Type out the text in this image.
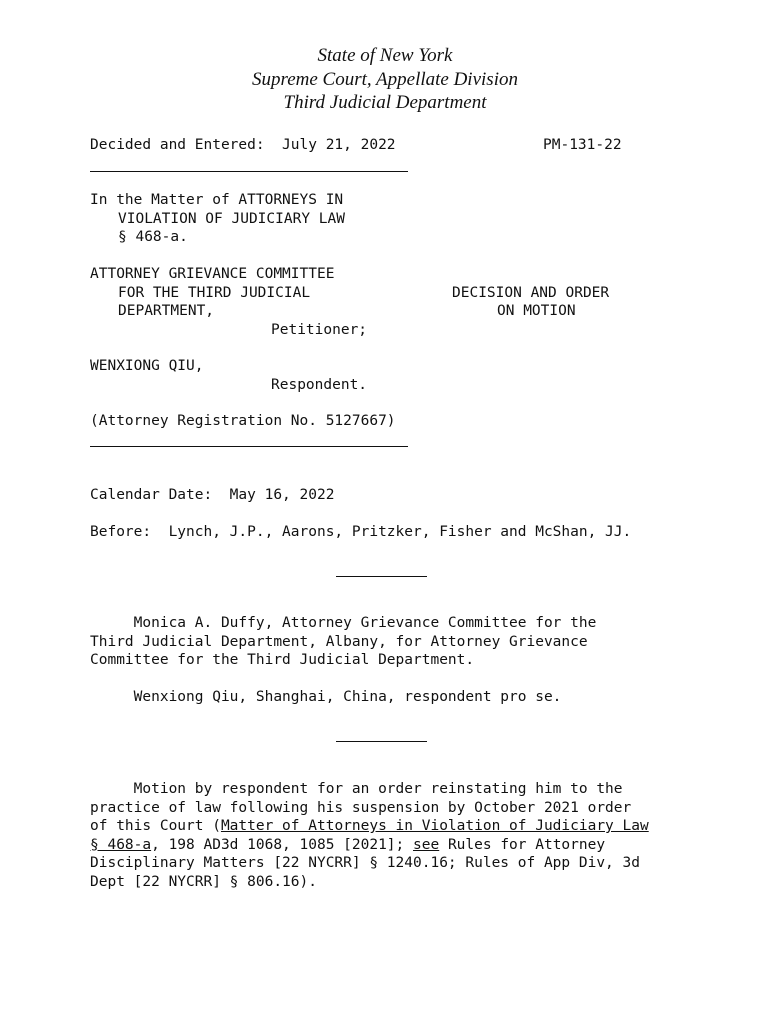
State of New York
Supreme Court, Appellate Division
Third Judicial Department
Decided and Entered:  July 21, 2022	PM-131-22
In the Matter of ATTORNEYS IN
VIOLATION OF JUDICIARY LAW
§ 468-a.
ATTORNEY GRIEVANCE COMMITTEE
FOR THE THIRD JUDICIAL
DEPARTMENT,
Petitioner;
DECISION AND ORDER
ON MOTION
WENXIONG QIU,
Respondent.
(Attorney Registration No. 5127667)
Calendar Date:  May 16, 2022
Before:  Lynch, J.P., Aarons, Pritzker, Fisher and McShan, JJ.
Monica A. Duffy, Attorney Grievance Committee for the
Third Judicial Department, Albany, for Attorney Grievance
Committee for the Third Judicial Department.
Wenxiong Qiu, Shanghai, China, respondent pro se.
Motion by respondent for an order reinstating him to the
practice of law following his suspension by October 2021 order
of this Court (Matter of Attorneys in Violation of Judiciary Law
§ 468-a, 198 AD3d 1068, 1085 [2021]; see Rules for Attorney
Disciplinary Matters [22 NYCRR] § 1240.16; Rules of App Div, 3d
Dept [22 NYCRR] § 806.16).
